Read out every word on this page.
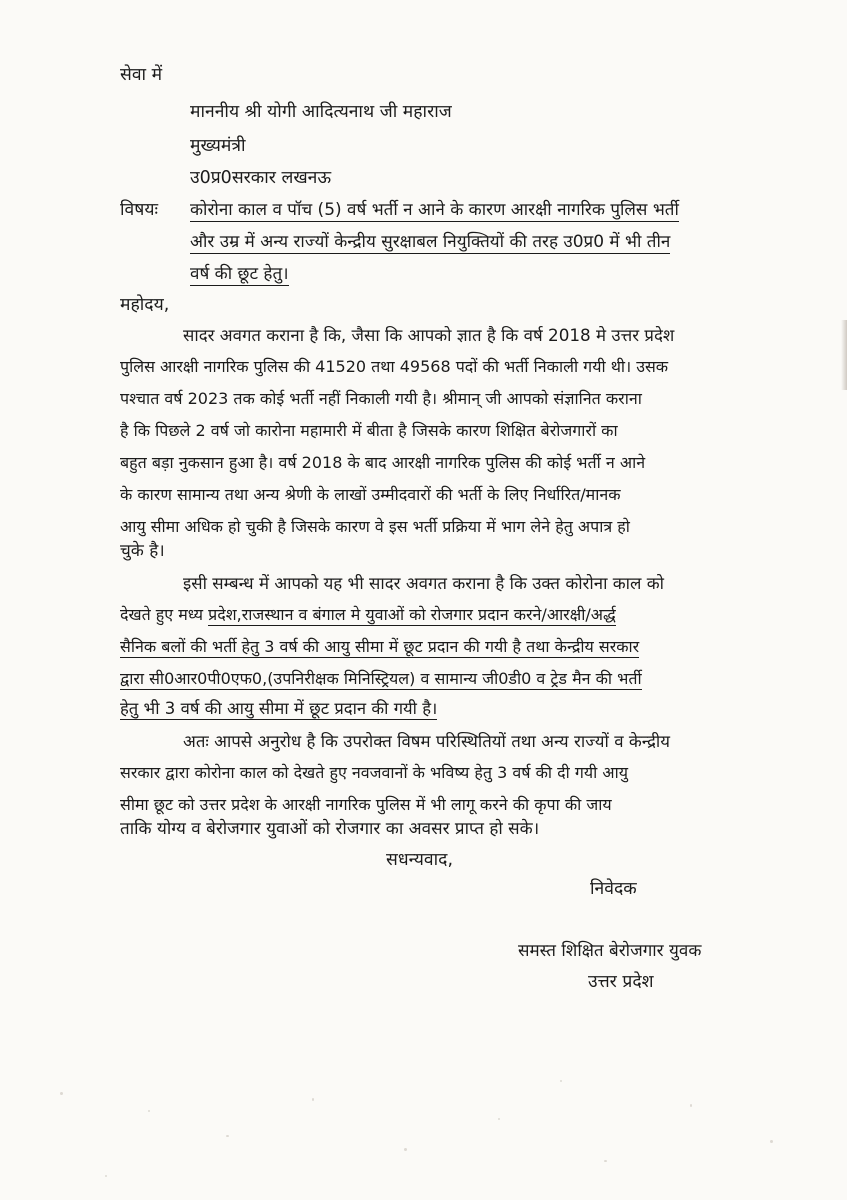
सेवा में
माननीय श्री योगी आदित्यनाथ जी महाराज
मुख्यमंत्री
उ0प्र0सरकार लखनऊ
विषयः कोरोना काल व पॉच (5) वर्ष भर्ती न आने के कारण आरक्षी नागरिक पुलिस भर्ती
और उम्र में अन्य राज्यों केन्द्रीय सुरक्षाबल नियुक्तियों की तरह उ0प्र0 में भी तीन
वर्ष की छूट हेतु।
महोदय,
सादर अवगत कराना है कि, जैसा कि आपको ज्ञात है कि वर्ष 2018 मे उत्तर प्रदेश
पुलिस आरक्षी नागरिक पुलिस की 41520 तथा 49568 पदों की भर्ती निकाली गयी थी। उसक
पश्चात वर्ष 2023 तक कोई भर्ती नहीं निकाली गयी है। श्रीमान् जी आपको संज्ञानित कराना
है कि पिछले 2 वर्ष जो कारोना महामारी में बीता है जिसके कारण शिक्षित बेरोजगारों का
बहुत बड़ा नुकसान हुआ है। वर्ष 2018 के बाद आरक्षी नागरिक पुलिस की कोई भर्ती न आने
के कारण सामान्य तथा अन्य श्रेणी के लाखों उम्मीदवारों की भर्ती के लिए निर्धारित/मानक
आयु सीमा अधिक हो चुकी है जिसके कारण वे इस भर्ती प्रक्रिया में भाग लेने हेतु अपात्र हो
चुके है।
इसी सम्बन्ध में आपको यह भी सादर अवगत कराना है कि उक्त कोरोना काल को
देखते हुए मध्य प्रदेश,राजस्थान व बंगाल मे युवाओं को रोजगार प्रदान करने/आरक्षी/अर्द्ध
सैनिक बलों की भर्ती हेतु 3 वर्ष की आयु सीमा में छूट प्रदान की गयी है तथा केन्द्रीय सरकार
द्वारा सी0आर0पी0एफ0,(उपनिरीक्षक मिनिस्ट्रियल) व सामान्य जी0डी0 व ट्रेड मैन की भर्ती
हेतु भी 3 वर्ष की आयु सीमा में छूट प्रदान की गयी है।
अतः आपसे अनुरोध है कि उपरोक्त विषम परिस्थितियों तथा अन्य राज्यों व केन्द्रीय
सरकार द्वारा कोरोना काल को देखते हुए नवजवानों के भविष्य हेतु 3 वर्ष की दी गयी आयु
सीमा छूट को उत्तर प्रदेश के आरक्षी नागरिक पुलिस में भी लागू करने की कृपा की जाय
ताकि योग्य व बेरोजगार युवाओं को रोजगार का अवसर प्राप्त हो सके।
सधन्यवाद,
निवेदक
समस्त शिक्षित बेरोजगार युवक
उत्तर प्रदेश
